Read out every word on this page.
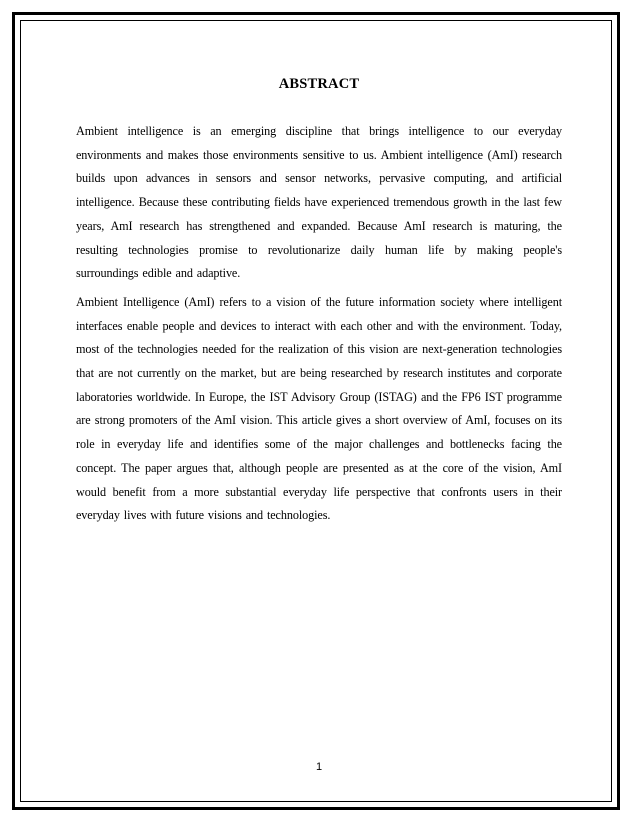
ABSTRACT

Ambient intelligence is an emerging discipline that brings intelligence to our everyday environments and makes those environments sensitive to us. Ambient intelligence (AmI) research builds upon advances in sensors and sensor networks, pervasive computing, and artificial intelligence. Because these contributing fields have experienced tremendous growth in the last few years, AmI research has strengthened and expanded. Because AmI research is maturing, the resulting technologies promise to revolutionarize daily human life by making people's surroundings edible and adaptive.

Ambient Intelligence (AmI) refers to a vision of the future information society where intelligent interfaces enable people and devices to interact with each other and with the environment. Today, most of the technologies needed for the realization of this vision are next-generation technologies that are not currently on the market, but are being researched by research institutes and corporate laboratories worldwide. In Europe, the IST Advisory Group (ISTAG) and the FP6 IST programme are strong promoters of the AmI vision. This article gives a short overview of AmI, focuses on its role in everyday life and identifies some of the major challenges and bottlenecks facing the concept. The paper argues that, although people are presented as at the core of the vision, AmI would benefit from a more substantial everyday life perspective that confronts users in their everyday lives with future visions and technologies.

1
